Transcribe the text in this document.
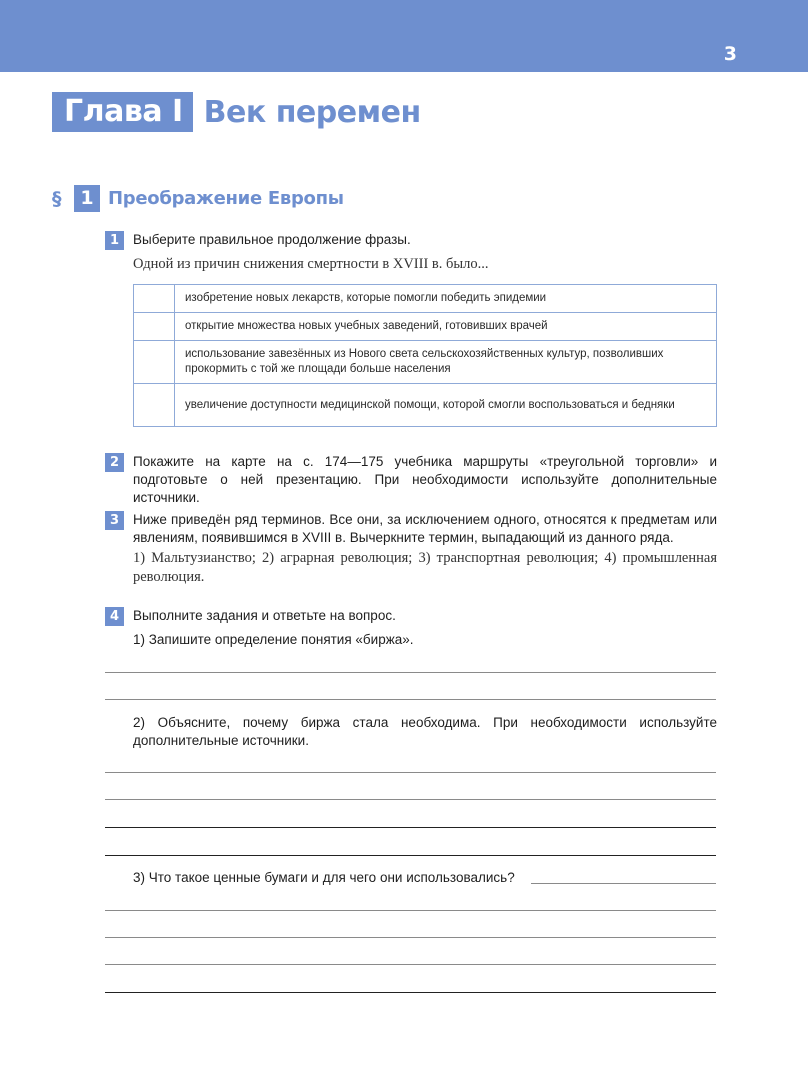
3
Глава I Век перемен
§ 1 Преображение Европы
1	Выберите правильное продолжение фразы.
Одной из причин снижения смертности в XVIII в. было...
	изобретение новых лекарств, которые помогли победить эпидемии
	открытие множества новых учебных заведений, готовивших врачей
	использование завезённых из Нового света сельскохозяйственных культур, позволивших прокормить с той же площади больше населения
	увеличение доступности медицинской помощи, которой смогли воспользоваться и бедняки
2	Покажите на карте на с. 174—175 учебника маршруты «треугольной торговли» и подготовьте о ней презентацию. При необходимости используйте дополнительные источники.
3	Ниже приведён ряд терминов. Все они, за исключением одного, относятся к предметам или явлениям, появившимся в XVIII в. Вычеркните термин, выпадающий из данного ряда.
1) Мальтузианство; 2) аграрная революция; 3) транспортная революция; 4) промышленная революция.
4	Выполните задания и ответьте на вопрос.
1) Запишите определение понятия «биржа».
2) Объясните, почему биржа стала необходима. При необходимости используйте дополнительные источники.
3) Что такое ценные бумаги и для чего они использовались?
